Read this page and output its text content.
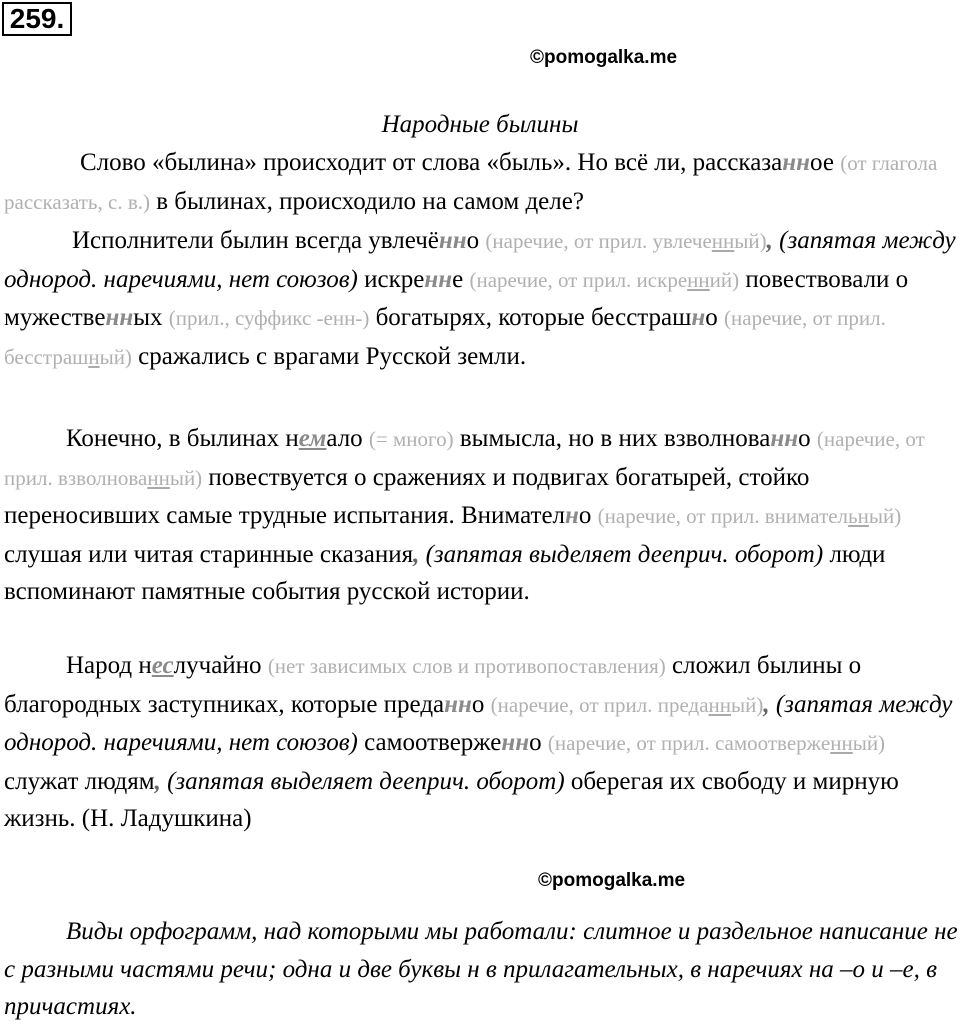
259.
©pomogalka.me
Народные былины

Слово «былина» происходит от слова «быль». Но всё ли, рассказанное (от глагола рассказать, с. в.) в былинах, происходило на самом деле?

Исполнители былин всегда увлечённо (наречие, от прил. увлеченный), (запятая между однород. наречиями, нет союзов) искренне (наречие, от прил. искренний) повествовали о мужественных (прил., суффикс -енн-) богатырях, которые бесстрашно (наречие, от прил. бесстрашный) сражались с врагами Русской земли.

Конечно, в былинах немало (= много) вымысла, но в них взволнованно (наречие, от прил. взволнованный) повествуется о сражениях и подвигах богатырей, стойко переносивших самые трудные испытания. Внимателно (наречие, от прил. внимательный) слушая или читая старинные сказания, (запятая выделяет дееприч. оборот) люди вспоминают памятные события русской истории.

Народ неслучайно (нет зависимых слов и противопоставления) сложил былины о благородных заступниках, которые преданно (наречие, от прил. преданный), (запятая между однород. наречиями, нет союзов) самоотверженно (наречие, от прил. самоотверженный) служат людям, (запятая выделяет дееприч. оборот) оберегая их свободу и мирную жизнь. (Н. Ладушкина)

©pomogalka.me

Виды орфограмм, над которыми мы работали: слитное и раздельное написание не с разными частями речи; одна и две буквы н в прилагательных, в наречиях на –о и –е, в причастиях.
